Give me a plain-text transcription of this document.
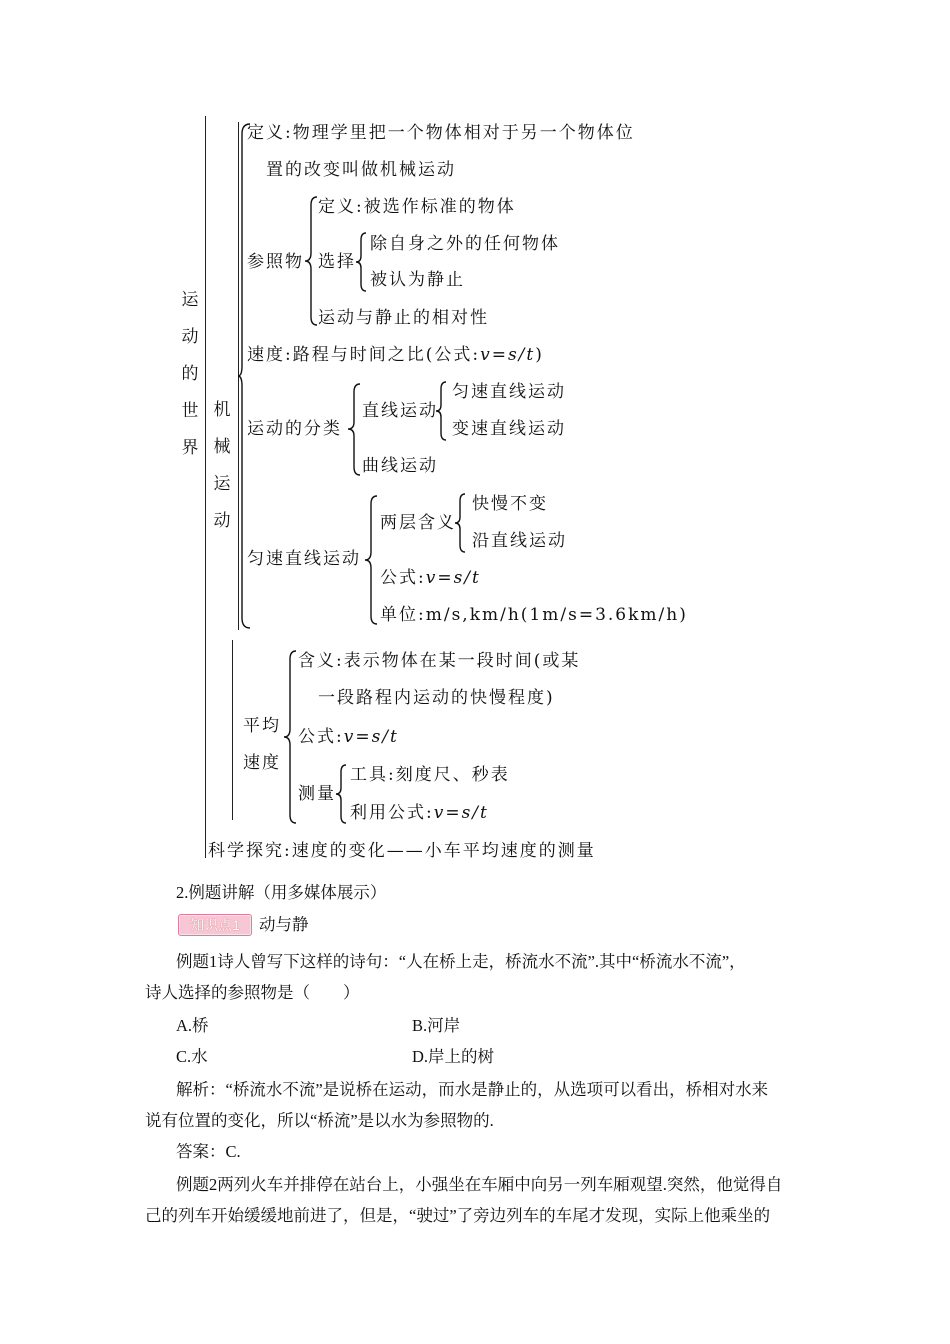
运
动
的
世
界
机
械
运
动
定义:物理学里把一个物体相对于另一个物体位
置的改变叫做机械运动
参照物
定义:被选作标准的物体
选择
除自身之外的任何物体
被认为静止
运动与静止的相对性
速度:路程与时间之比(公式:v=s/t)
运动的分类
直线运动
匀速直线运动
变速直线运动
曲线运动
匀速直线运动
两层含义
快慢不变
沿直线运动
公式:v=s/t
单位:m/s,km/h(1m/s=3.6km/h)
平均
速度
含义:表示物体在某一段时间(或某
一段路程内运动的快慢程度)
公式:v=s/t
测量
工具:刻度尺、秒表
利用公式:v=s/t
科学探究:速度的变化——小车平均速度的测量
2.例题讲解（用多媒体展示）
知识点1	动与静
例题1诗人曾写下这样的诗句：“人在桥上走，桥流水不流”.其中“桥流水不流”，
诗人选择的参照物是（　　）
A.桥	B.河岸
C.水	D.岸上的树
解析：“桥流水不流”是说桥在运动，而水是静止的，从选项可以看出，桥相对水来
说有位置的变化，所以“桥流”是以水为参照物的.
答案：C.
例题2两列火车并排停在站台上，小强坐在车厢中向另一列车厢观望.突然，他觉得自
己的列车开始缓缓地前进了，但是，“驶过”了旁边列车的车尾才发现，实际上他乘坐的
